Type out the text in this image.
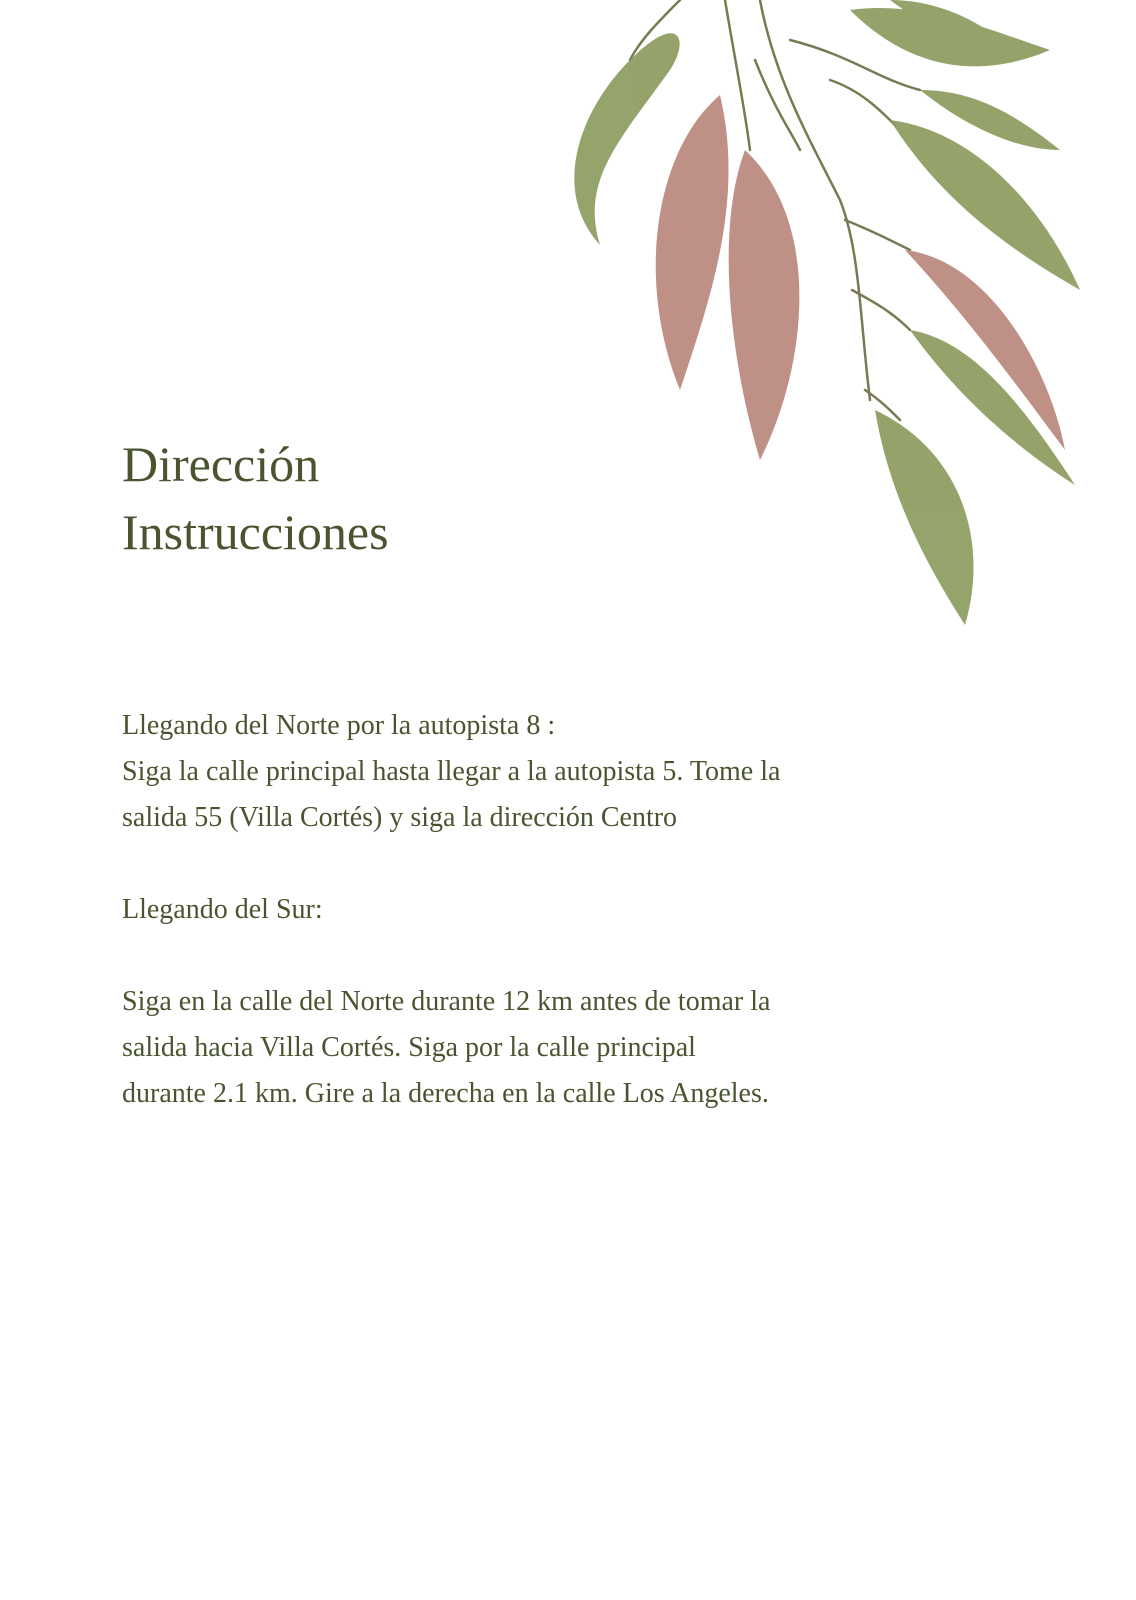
Dirección
Instrucciones

Llegando del Norte por la autopista 8 :
Siga la calle principal hasta llegar a la autopista 5. Tome la
salida 55 (Villa Cortés) y siga la dirección Centro

Llegando del Sur:

Siga en la calle del Norte durante 12 km antes de tomar la
salida hacia Villa Cortés. Siga por la calle principal
durante 2.1 km. Gire a la derecha en la calle Los Angeles.
